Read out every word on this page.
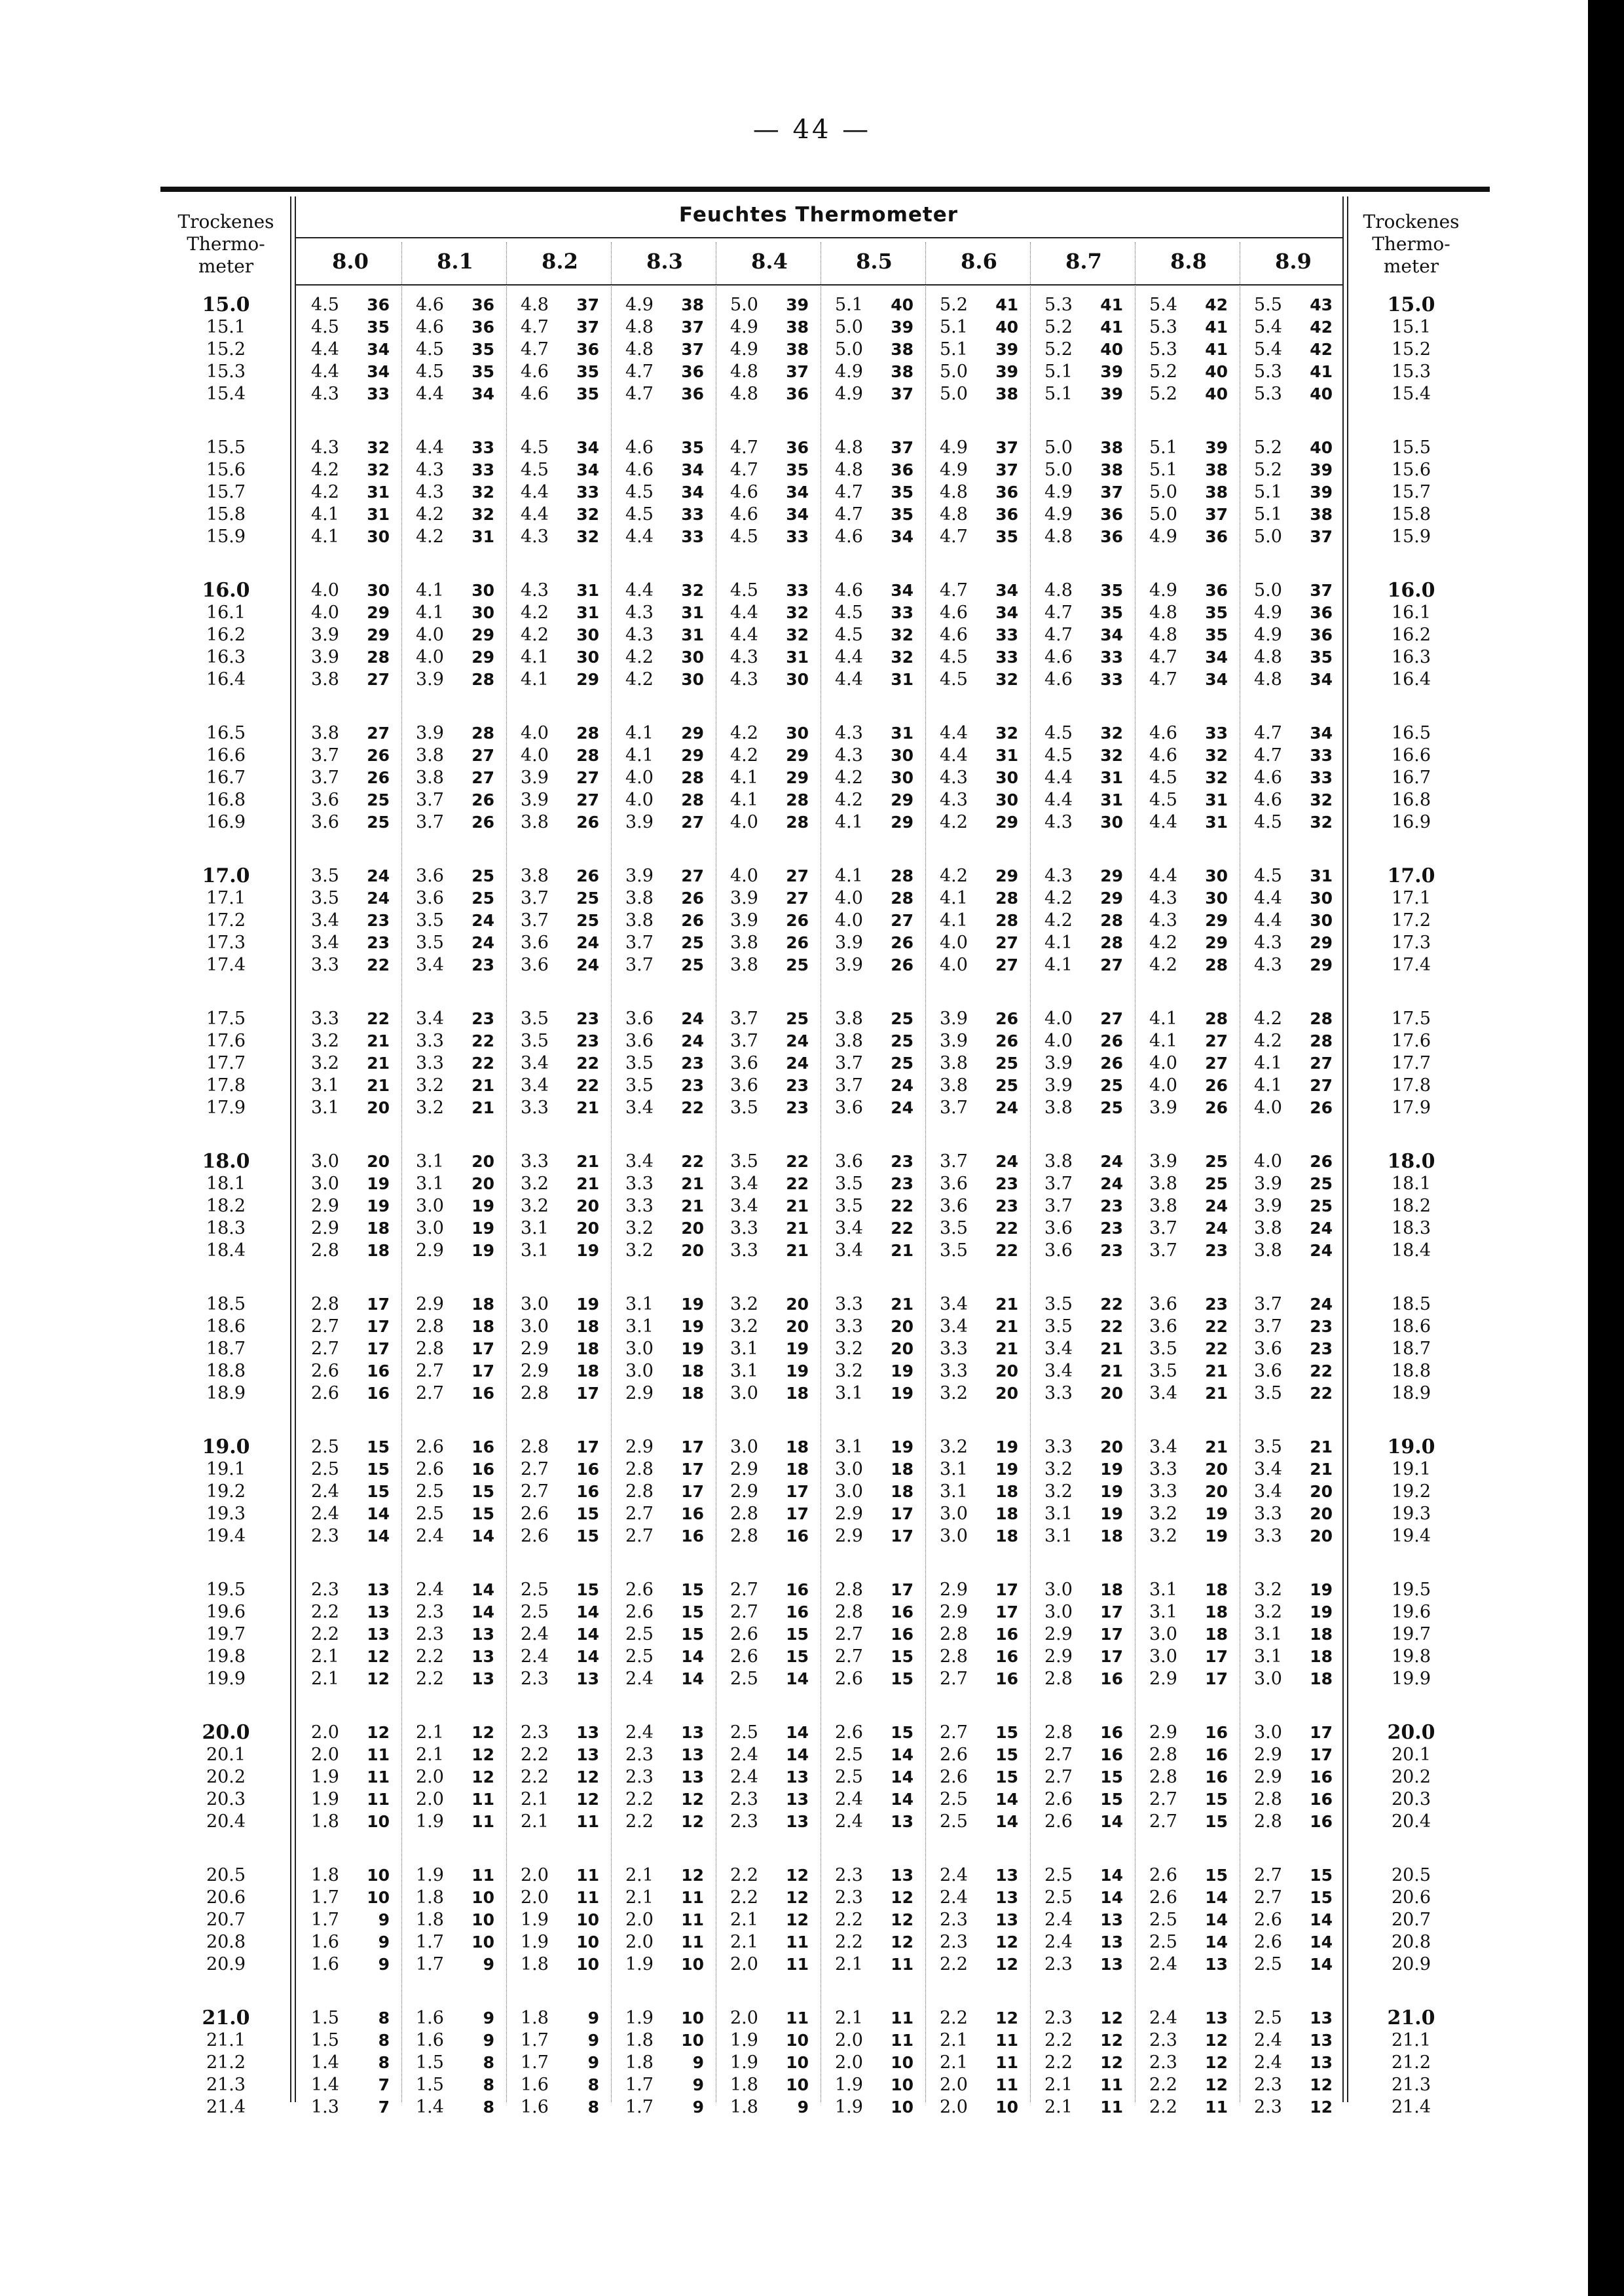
— 44 —
Trockenes
Thermo-
meter
Trockenes
Thermo-
meter
Feuchtes Thermometer
8.0	8.1	8.2	8.3	8.4	8.5	8.6	8.7	8.8	8.9
15.0	4.5	36 4.6	36 4.8	37 4.9	38 5.0	39 5.1	40 5.2	41 5.3	41 5.4	42 5.5	43	15.0
15.1	4.5	35 4.6	36 4.7	37 4.8	37 4.9	38 5.0	39 5.1	40 5.2	41 5.3	41 5.4	42	15.1
15.2	4.4	34 4.5	35 4.7	36 4.8	37 4.9	38 5.0	38 5.1	39 5.2	40 5.3	41 5.4	42	15.2
15.3	4.4	34 4.5	35 4.6	35 4.7	36 4.8	37 4.9	38 5.0	39 5.1	39 5.2	40 5.3	41	15.3
15.4	4.3	33 4.4	34 4.6	35 4.7	36 4.8	36 4.9	37 5.0	38 5.1	39 5.2	40 5.3	40	15.4
15.5	4.3	32 4.4	33 4.5	34 4.6	35 4.7	36 4.8	37 4.9	37 5.0	38 5.1	39 5.2	40	15.5
15.6	4.2	32 4.3	33 4.5	34 4.6	34 4.7	35 4.8	36 4.9	37 5.0	38 5.1	38 5.2	39	15.6
15.7	4.2	31 4.3	32 4.4	33 4.5	34 4.6	34 4.7	35 4.8	36 4.9	37 5.0	38 5.1	39	15.7
15.8	4.1	31 4.2	32 4.4	32 4.5	33 4.6	34 4.7	35 4.8	36 4.9	36 5.0	37 5.1	38	15.8
15.9	4.1	30 4.2	31 4.3	32 4.4	33 4.5	33 4.6	34 4.7	35 4.8	36 4.9	36 5.0	37	15.9
16.0	4.0	30 4.1	30 4.3	31 4.4	32 4.5	33 4.6	34 4.7	34 4.8	35 4.9	36 5.0	37	16.0
16.1	4.0	29 4.1	30 4.2	31 4.3	31 4.4	32 4.5	33 4.6	34 4.7	35 4.8	35 4.9	36	16.1
16.2	3.9	29 4.0	29 4.2	30 4.3	31 4.4	32 4.5	32 4.6	33 4.7	34 4.8	35 4.9	36	16.2
16.3	3.9	28 4.0	29 4.1	30 4.2	30 4.3	31 4.4	32 4.5	33 4.6	33 4.7	34 4.8	35	16.3
16.4	3.8	27 3.9	28 4.1	29 4.2	30 4.3	30 4.4	31 4.5	32 4.6	33 4.7	34 4.8	34	16.4
16.5	3.8	27 3.9	28 4.0	28 4.1	29 4.2	30 4.3	31 4.4	32 4.5	32 4.6	33 4.7	34	16.5
16.6	3.7	26 3.8	27 4.0	28 4.1	29 4.2	29 4.3	30 4.4	31 4.5	32 4.6	32 4.7	33	16.6
16.7	3.7	26 3.8	27 3.9	27 4.0	28 4.1	29 4.2	30 4.3	30 4.4	31 4.5	32 4.6	33	16.7
16.8	3.6	25 3.7	26 3.9	27 4.0	28 4.1	28 4.2	29 4.3	30 4.4	31 4.5	31 4.6	32	16.8
16.9	3.6	25 3.7	26 3.8	26 3.9	27 4.0	28 4.1	29 4.2	29 4.3	30 4.4	31 4.5	32	16.9
17.0	3.5	24 3.6	25 3.8	26 3.9	27 4.0	27 4.1	28 4.2	29 4.3	29 4.4	30 4.5	31	17.0
17.1	3.5	24 3.6	25 3.7	25 3.8	26 3.9	27 4.0	28 4.1	28 4.2	29 4.3	30 4.4	30	17.1
17.2	3.4	23 3.5	24 3.7	25 3.8	26 3.9	26 4.0	27 4.1	28 4.2	28 4.3	29 4.4	30	17.2
17.3	3.4	23 3.5	24 3.6	24 3.7	25 3.8	26 3.9	26 4.0	27 4.1	28 4.2	29 4.3	29	17.3
17.4	3.3	22 3.4	23 3.6	24 3.7	25 3.8	25 3.9	26 4.0	27 4.1	27 4.2	28 4.3	29	17.4
17.5	3.3	22 3.4	23 3.5	23 3.6	24 3.7	25 3.8	25 3.9	26 4.0	27 4.1	28 4.2	28	17.5
17.6	3.2	21 3.3	22 3.5	23 3.6	24 3.7	24 3.8	25 3.9	26 4.0	26 4.1	27 4.2	28	17.6
17.7	3.2	21 3.3	22 3.4	22 3.5	23 3.6	24 3.7	25 3.8	25 3.9	26 4.0	27 4.1	27	17.7
17.8	3.1	21 3.2	21 3.4	22 3.5	23 3.6	23 3.7	24 3.8	25 3.9	25 4.0	26 4.1	27	17.8
17.9	3.1	20 3.2	21 3.3	21 3.4	22 3.5	23 3.6	24 3.7	24 3.8	25 3.9	26 4.0	26	17.9
18.0	3.0	20 3.1	20 3.3	21 3.4	22 3.5	22 3.6	23 3.7	24 3.8	24 3.9	25 4.0	26	18.0
18.1	3.0	19 3.1	20 3.2	21 3.3	21 3.4	22 3.5	23 3.6	23 3.7	24 3.8	25 3.9	25	18.1
18.2	2.9	19 3.0	19 3.2	20 3.3	21 3.4	21 3.5	22 3.6	23 3.7	23 3.8	24 3.9	25	18.2
18.3	2.9	18 3.0	19 3.1	20 3.2	20 3.3	21 3.4	22 3.5	22 3.6	23 3.7	24 3.8	24	18.3
18.4	2.8	18 2.9	19 3.1	19 3.2	20 3.3	21 3.4	21 3.5	22 3.6	23 3.7	23 3.8	24	18.4
18.5	2.8	17 2.9	18 3.0	19 3.1	19 3.2	20 3.3	21 3.4	21 3.5	22 3.6	23 3.7	24	18.5
18.6	2.7	17 2.8	18 3.0	18 3.1	19 3.2	20 3.3	20 3.4	21 3.5	22 3.6	22 3.7	23	18.6
18.7	2.7	17 2.8	17 2.9	18 3.0	19 3.1	19 3.2	20 3.3	21 3.4	21 3.5	22 3.6	23	18.7
18.8	2.6	16 2.7	17 2.9	18 3.0	18 3.1	19 3.2	19 3.3	20 3.4	21 3.5	21 3.6	22	18.8
18.9	2.6	16 2.7	16 2.8	17 2.9	18 3.0	18 3.1	19 3.2	20 3.3	20 3.4	21 3.5	22	18.9
19.0	2.5	15 2.6	16 2.8	17 2.9	17 3.0	18 3.1	19 3.2	19 3.3	20 3.4	21 3.5	21	19.0
19.1	2.5	15 2.6	16 2.7	16 2.8	17 2.9	18 3.0	18 3.1	19 3.2	19 3.3	20 3.4	21	19.1
19.2	2.4	15 2.5	15 2.7	16 2.8	17 2.9	17 3.0	18 3.1	18 3.2	19 3.3	20 3.4	20	19.2
19.3	2.4	14 2.5	15 2.6	15 2.7	16 2.8	17 2.9	17 3.0	18 3.1	19 3.2	19 3.3	20	19.3
19.4	2.3	14 2.4	14 2.6	15 2.7	16 2.8	16 2.9	17 3.0	18 3.1	18 3.2	19 3.3	20	19.4
19.5	2.3	13 2.4	14 2.5	15 2.6	15 2.7	16 2.8	17 2.9	17 3.0	18 3.1	18 3.2	19	19.5
19.6	2.2	13 2.3	14 2.5	14 2.6	15 2.7	16 2.8	16 2.9	17 3.0	17 3.1	18 3.2	19	19.6
19.7	2.2	13 2.3	13 2.4	14 2.5	15 2.6	15 2.7	16 2.8	16 2.9	17 3.0	18 3.1	18	19.7
19.8	2.1	12 2.2	13 2.4	14 2.5	14 2.6	15 2.7	15 2.8	16 2.9	17 3.0	17 3.1	18	19.8
19.9	2.1	12 2.2	13 2.3	13 2.4	14 2.5	14 2.6	15 2.7	16 2.8	16 2.9	17 3.0	18	19.9
20.0	2.0	12 2.1	12 2.3	13 2.4	13 2.5	14 2.6	15 2.7	15 2.8	16 2.9	16 3.0	17	20.0
20.1	2.0	11 2.1	12 2.2	13 2.3	13 2.4	14 2.5	14 2.6	15 2.7	16 2.8	16 2.9	17	20.1
20.2	1.9	11 2.0	12 2.2	12 2.3	13 2.4	13 2.5	14 2.6	15 2.7	15 2.8	16 2.9	16	20.2
20.3	1.9	11 2.0	11 2.1	12 2.2	12 2.3	13 2.4	14 2.5	14 2.6	15 2.7	15 2.8	16	20.3
20.4	1.8	10 1.9	11 2.1	11 2.2	12 2.3	13 2.4	13 2.5	14 2.6	14 2.7	15 2.8	16	20.4
20.5	1.8	10 1.9	11 2.0	11 2.1	12 2.2	12 2.3	13 2.4	13 2.5	14 2.6	15 2.7	15	20.5
20.6	1.7	10 1.8	10 2.0	11 2.1	11 2.2	12 2.3	12 2.4	13 2.5	14 2.6	14 2.7	15	20.6
20.7	1.7	9 1.8	10 1.9	10 2.0	11 2.1	12 2.2	12 2.3	13 2.4	13 2.5	14 2.6	14	20.7
20.8	1.6	9 1.7	10 1.9	10 2.0	11 2.1	11 2.2	12 2.3	12 2.4	13 2.5	14 2.6	14	20.8
20.9	1.6	9 1.7	9 1.8	10 1.9	10 2.0	11 2.1	11 2.2	12 2.3	13 2.4	13 2.5	14	20.9
21.0	1.5	8 1.6	9 1.8	9 1.9	10 2.0	11 2.1	11 2.2	12 2.3	12 2.4	13 2.5	13	21.0
21.1	1.5	8 1.6	9 1.7	9 1.8	10 1.9	10 2.0	11 2.1	11 2.2	12 2.3	12 2.4	13	21.1
21.2	1.4	8 1.5	8 1.7	9 1.8	9 1.9	10 2.0	10 2.1	11 2.2	12 2.3	12 2.4	13	21.2
21.3	1.4	7 1.5	8 1.6	8 1.7	9 1.8	10 1.9	10 2.0	11 2.1	11 2.2	12 2.3	12	21.3
21.4	1.3	7 1.4	8 1.6	8 1.7	9 1.8	9 1.9	10 2.0	10 2.1	11 2.2	11 2.3	12	21.4
